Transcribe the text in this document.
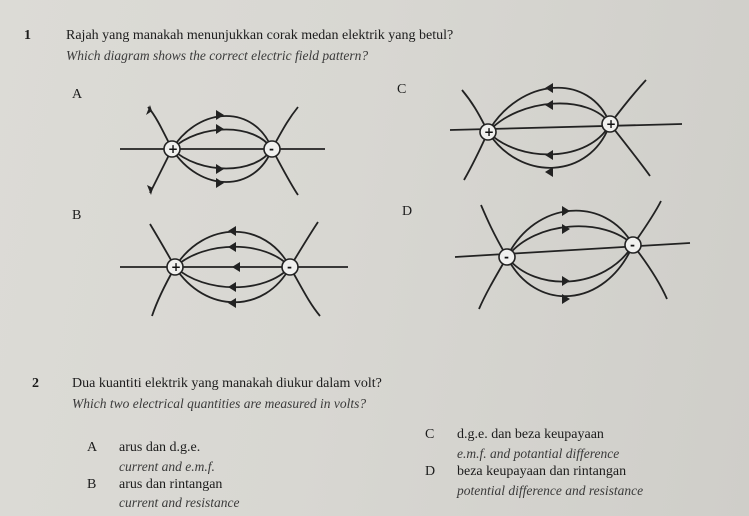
1	Rajah yang manakah menunjukkan corak medan elektrik yang betul?
Which diagram shows the correct electric field pattern?
A	C
B	D
+	-
+	-
+
+
-
-
2 Dua kuantiti elektrik yang manakah diukur dalam volt?
Which two electrical quantities are measured in volts?
A arus dan d.g.e.
current and e.m.f.
B arus dan rintangan
current and resistance
C d.g.e. dan beza keupayaan
e.m.f. and potantial difference
D beza keupayaan dan rintangan
potential difference and resistance
